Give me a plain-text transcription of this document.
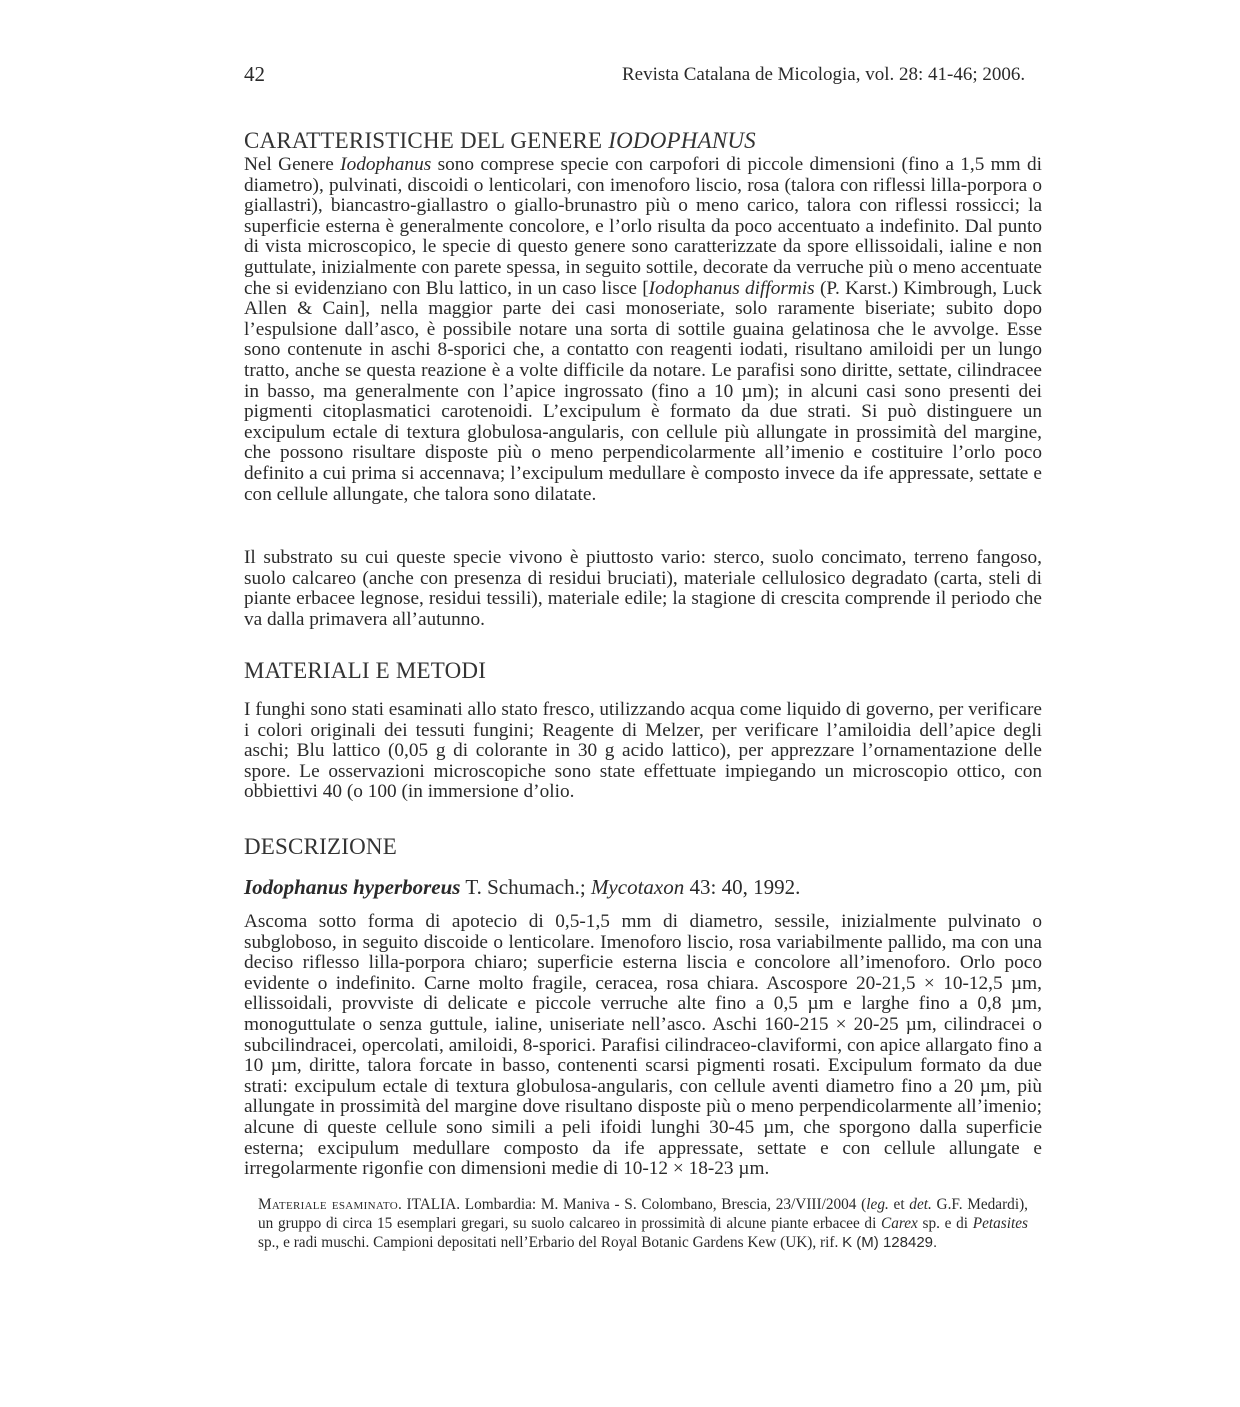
42	Revista Catalana de Micologia, vol. 28: 41-46; 2006.
CARATTERISTICHE DEL GENERE IODOPHANUS

Nel Genere Iodophanus sono comprese specie con carpofori di piccole dimensioni (fino a 1,5 mm di diametro), pulvinati, discoidi o lenticolari, con imenoforo liscio, rosa (talora con riflessi lilla-porpora o giallastri), biancastro-giallastro o giallo-brunastro più o meno carico, talora con riflessi rossicci; la superficie esterna è generalmente concolore, e l’orlo risulta da poco accentuato a indefinito. Dal punto di vista microscopico, le specie di questo genere sono caratterizzate da spore ellissoidali, ialine e non guttulate, inizialmente con parete spessa, in seguito sottile, decorate da verruche più o meno accentuate che si evidenziano con Blu lattico, in un caso lisce [Iodophanus difformis (P. Karst.) Kimbrough, Luck Allen & Cain], nella maggior parte dei casi monoseriate, solo raramente biseriate; subito dopo l’espulsione dall’asco, è possibile notare una sorta di sottile guaina gelatinosa che le avvolge. Esse sono contenute in aschi 8-sporici che, a contatto con reagenti iodati, risultano amiloidi per un lungo tratto, anche se questa reazione è a volte difficile da notare. Le parafisi sono diritte, settate, cilindracee in basso, ma generalmente con l’apice ingrossato (fino a 10 µm); in alcuni casi sono presenti dei pigmenti citoplasmatici carotenoidi. L’excipulum è formato da due strati. Si può distinguere un excipulum ectale di textura globulosa-angularis, con cellule più allungate in prossimità del margine, che possono risultare disposte più o meno perpendicolarmente all’imenio e costituire l’orlo poco definito a cui prima si accennava; l’excipulum medullare è composto invece da ife appressate, settate e con cellule allungate, che talora sono dilatate.

Il substrato su cui queste specie vivono è piuttosto vario: sterco, suolo concimato, terreno fangoso, suolo calcareo (anche con presenza di residui bruciati), materiale cellulosico degradato (carta, steli di piante erbacee legnose, residui tessili), materiale edile; la stagione di crescita comprende il periodo che va dalla primavera all’autunno.

MATERIALI E METODI

I funghi sono stati esaminati allo stato fresco, utilizzando acqua come liquido di governo, per verificare i colori originali dei tessuti fungini; Reagente di Melzer, per verificare l’amiloidia dell’apice degli aschi; Blu lattico (0,05 g di colorante in 30 g acido lattico), per apprezzare l’ornamentazione delle spore. Le osservazioni microscopiche sono state effettuate impiegando un microscopio ottico, con obbiettivi 40 (o 100 (in immersione d’olio.

DESCRIZIONE
Iodophanus hyperboreus T. Schumach.; Mycotaxon 43: 40, 1992.

Ascoma sotto forma di apotecio di 0,5-1,5 mm di diametro, sessile, inizialmente pulvinato o subgloboso, in seguito discoide o lenticolare. Imenoforo liscio, rosa variabilmente pallido, ma con una deciso riflesso lilla-porpora chiaro; superficie esterna liscia e concolore all’imenoforo. Orlo poco evidente o indefinito. Carne molto fragile, ceracea, rosa chiara. Ascospore 20-21,5 × 10-12,5 µm, ellissoidali, provviste di delicate e piccole verruche alte fino a 0,5 µm e larghe fino a 0,8 µm, monoguttulate o senza guttule, ialine, uniseriate nell’asco. Aschi 160-215 × 20-25 µm, cilindracei o subcilindracei, opercolati, amiloidi, 8-sporici. Parafisi cilindraceo-claviformi, con apice allargato fino a 10 µm, diritte, talora forcate in basso, contenenti scarsi pigmenti rosati. Excipulum formato da due strati: excipulum ectale di textura globulosa-angularis, con cellule aventi diametro fino a 20 µm, più allungate in prossimità del margine dove risultano disposte più o meno perpendicolarmente all’imenio; alcune di queste cellule sono simili a peli ifoidi lunghi 30-45 µm, che sporgono dalla superficie esterna; excipulum medullare composto da ife appressate, settate e con cellule allungate e irregolarmente rigonfie con dimensioni medie di 10-12 × 18-23 µm.

Materiale esaminato. ITALIA. Lombardia: M. Maniva - S. Colombano, Brescia, 23/VIII/2004 (leg. et det. G.F. Medardi), un gruppo di circa 15 esemplari gregari, su suolo calcareo in prossimità di alcune piante erbacee di Carex sp. e di Petasites sp., e radi muschi. Campioni depositati nell’Erbario del Royal Botanic Gardens Kew (UK), rif. K (M) 128429.
